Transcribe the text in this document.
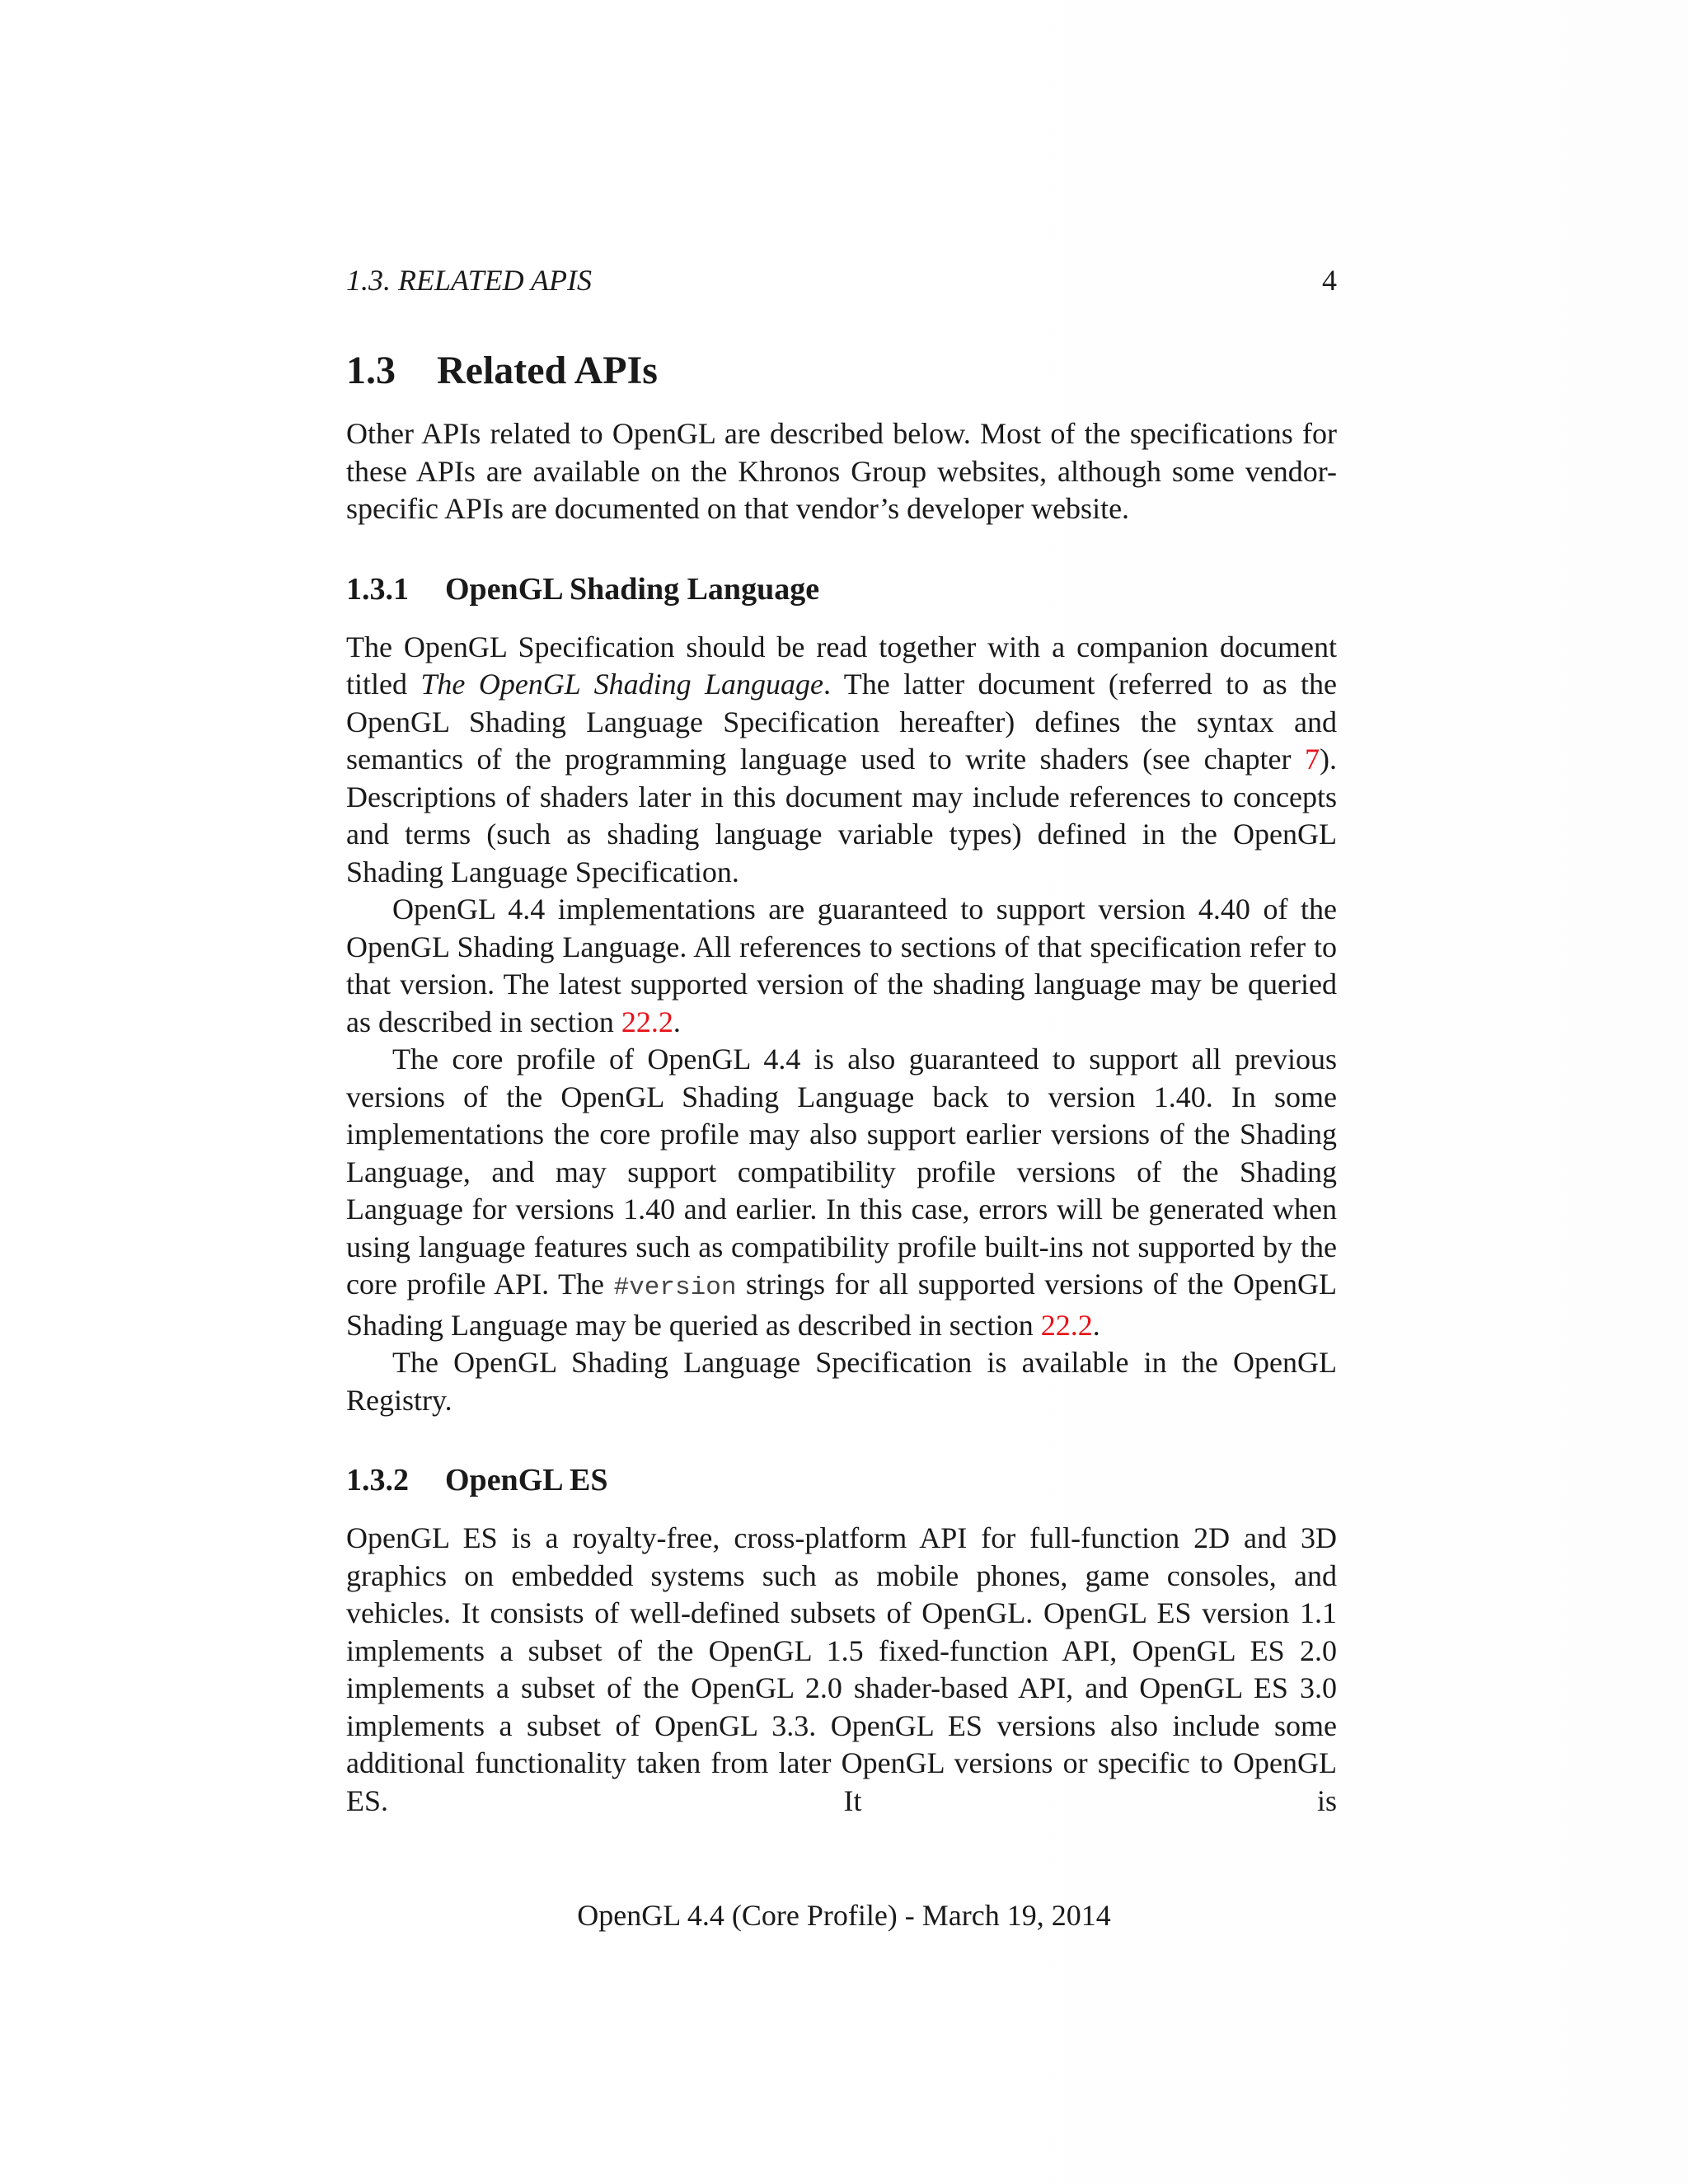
1.3. RELATED APIS	4
1.3 Related APIs

Other APIs related to OpenGL are described below. Most of the specifications for these APIs are available on the Khronos Group websites, although some vendor-specific APIs are documented on that vendor’s developer website.

1.3.1 OpenGL Shading Language

The OpenGL Specification should be read together with a companion document titled The OpenGL Shading Language. The latter document (referred to as the OpenGL Shading Language Specification hereafter) defines the syntax and semantics of the programming language used to write shaders (see chapter 7). Descriptions of shaders later in this document may include references to concepts and terms (such as shading language variable types) defined in the OpenGL Shading Language Specification.

OpenGL 4.4 implementations are guaranteed to support version 4.40 of the OpenGL Shading Language. All references to sections of that specification refer to that version. The latest supported version of the shading language may be queried as described in section 22.2.

The core profile of OpenGL 4.4 is also guaranteed to support all previous versions of the OpenGL Shading Language back to version 1.40. In some implementations the core profile may also support earlier versions of the Shading Language, and may support compatibility profile versions of the Shading Language for versions 1.40 and earlier. In this case, errors will be generated when using language features such as compatibility profile built-ins not supported by the core profile API. The #version strings for all supported versions of the OpenGL Shading Language may be queried as described in section 22.2.

The OpenGL Shading Language Specification is available in the OpenGL Registry.

1.3.2 OpenGL ES

OpenGL ES is a royalty-free, cross-platform API for full-function 2D and 3D graphics on embedded systems such as mobile phones, game consoles, and vehicles. It consists of well-defined subsets of OpenGL. OpenGL ES version 1.1 implements a subset of the OpenGL 1.5 fixed-function API, OpenGL ES 2.0 implements a subset of the OpenGL 2.0 shader-based API, and OpenGL ES 3.0 implements a subset of OpenGL 3.3. OpenGL ES versions also include some additional functionality taken from later OpenGL versions or specific to OpenGL ES. It is

OpenGL 4.4 (Core Profile) - March 19, 2014
